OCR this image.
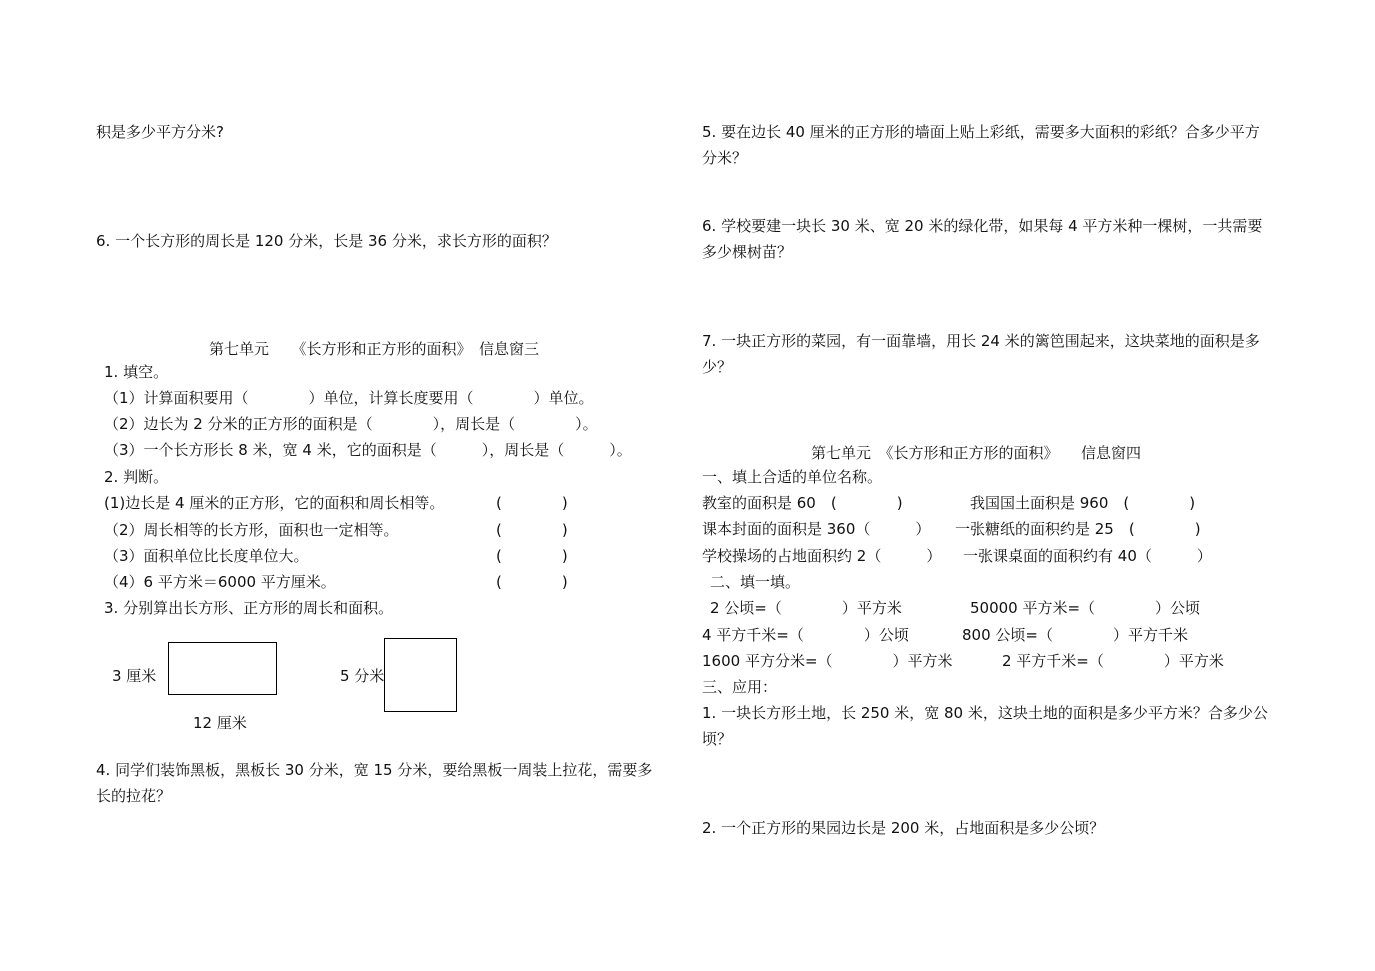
积是多少平方分米?
6. 一个长方形的周长是 120 分米，长是 36 分米，求长方形的面积？
第七单元　　《长方形和正方形的面积》　信息窗三
1. 填空。
（1）计算面积要用（　　　　）单位，计算长度要用（　　　　）单位。
（2）边长为 2 分米的正方形的面积是（　　　　），周长是（　　　　）。
（3）一个长方形长 8 米，宽 4 米，它的面积是（　　　），周长是（　　　）。
2. 判断。
(1)边长是 4 厘米的正方形，它的面积和周长相等。	(　　　　)
（2）周长相等的长方形，面积也一定相等。	(　　　　)
（3）面积单位比长度单位大。	(　　　　)
（4）6 平方米＝6000 平方厘米。	(　　　　)
3. 分别算出长方形、正方形的周长和面积。
3 厘米
12 厘米
5 分米
4. 同学们装饰黑板，黑板长 30 分米，宽 15 分米，要给黑板一周装上拉花，需要多
长的拉花？
5. 要在边长 40 厘米的正方形的墙面上贴上彩纸，需要多大面积的彩纸？合多少平方
分米？
6. 学校要建一块长 30 米、宽 20 米的绿化带，如果每 4 平方米种一棵树，一共需要
多少棵树苗？
7. 一块正方形的菜园，有一面靠墙，用长 24 米的篱笆围起来，这块菜地的面积是多
少？
第七单元　《长方形和正方形的面积》　　信息窗四
一、填上合适的单位名称。
教室的面积是 60　(　　　　)	我国国土面积是 960　(　　　　)
课本封面的面积是 360（　　　） 一张糖纸的面积约是 25　(　　　　)
学校操场的占地面积约 2（　　　） 一张课桌面的面积约有 40（　　　）
二、填一填。
2 公顷=（　　　　）平方米	50000 平方米=（　　　　）公顷
4 平方千米=（　　　　）公顷	800 公顷=（　　　　）平方千米
1600 平方分米=（　　　　）平方米	2 平方千米=（　　　　）平方米
三、应用：
1. 一块长方形土地，长 250 米，宽 80 米，这块土地的面积是多少平方米？合多少公
顷？
2. 一个正方形的果园边长是 200 米，占地面积是多少公顷？
